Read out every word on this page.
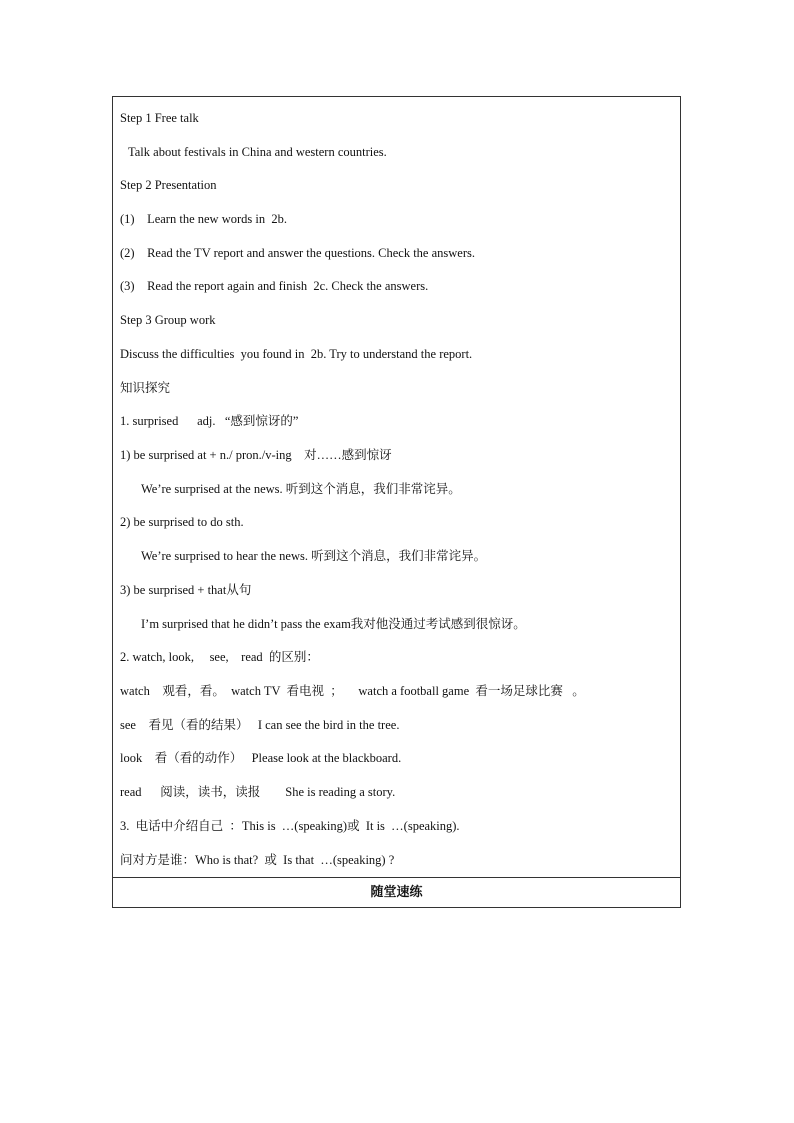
Step 1 Free talk
Talk about festivals in China and western countries.
Step 2 Presentation
(1)    Learn the new words in  2b.
(2)    Read the TV report and answer the questions. Check the answers.
(3)    Read the report again and finish  2c. Check the answers.
Step 3 Group work
Discuss the difficulties  you found in  2b. Try to understand the report.
知识探究
1. surprised      adj.   “感到惊讶的”
1) be surprised at + n./ pron./v-ing    对……感到惊讶
We’re surprised at the news. 听到这个消息，我们非常诧异。
2) be surprised to do sth.
We’re surprised to hear the news. 听到这个消息，我们非常诧异。
3) be surprised + that从句
I’m surprised that he didn’t pass the exam我对他没通过考试感到很惊讶。
2. watch, look,     see,    read  的区别：
watch    观看，看。  watch TV  看电视  ；     watch a football game  看一场足球比赛   。
see    看见（看的结果）   I can see the bird in the tree.
look    看（看的动作）   Please look at the blackboard.
read      阅读，读书，读报        She is reading a story.
3.  电话中介绍自己  ：This is  …(speaking)或  It is  …(speaking).
问对方是谁：Who is that?  或  Is that  …(speaking) ?
随堂速练
